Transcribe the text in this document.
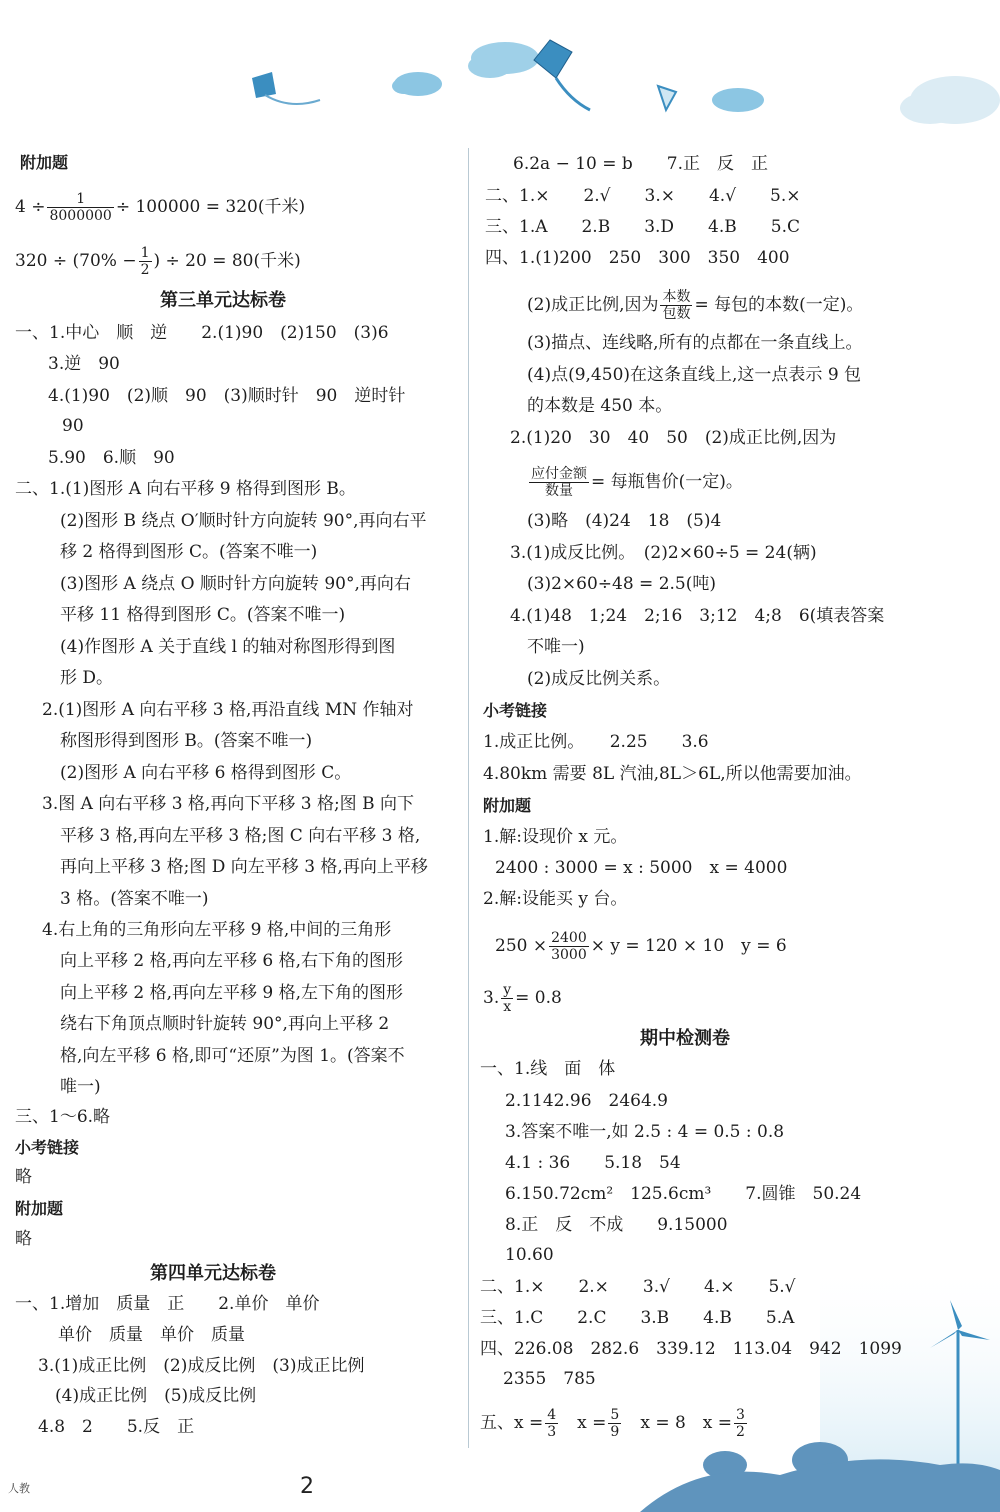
附加题
$4 \div \frac{1}{8000000} \div 100000 = 320$(千米)
$320 \div (70\% - \frac{1}{2}$ ) ÷ 20 = 80(千米)
第三单元达标卷
一、1.中心　顺　逆　　2.(1)90　(2)150　(3)6
3.逆　90
4.(1)90　(2)顺　90　(3)顺时针　90　逆时针
90
5.90　6.顺　90
二、1.(1)图形 A 向右平移 9 格得到图形 B。
(2)图形 B 绕点 O′顺时针方向旋转 90°,再向右平
移 2 格得到图形 C。(答案不唯一)
(3)图形 A 绕点 O 顺时针方向旋转 90°,再向右
平移 11 格得到图形 C。(答案不唯一)
(4)作图形 A 关于直线 l 的轴对称图形得到图
形 D。
2.(1)图形 A 向右平移 3 格,再沿直线 MN 作轴对
称图形得到图形 B。(答案不唯一)
(2)图形 A 向右平移 6 格得到图形 C。
3.图 A 向右平移 3 格,再向下平移 3 格;图 B 向下
平移 3 格,再向左平移 3 格;图 C 向右平移 3 格,
再向上平移 3 格;图 D 向左平移 3 格,再向上平移
3 格。(答案不唯一)
4.右上角的三角形向左平移 9 格,中间的三角形
向上平移 2 格,再向左平移 6 格,右下角的图形
向上平移 2 格,再向左平移 9 格,左下角的图形
绕右下角顶点顺时针旋转 90°,再向上平移 2
格,向左平移 6 格,即可“还原”为图 1。(答案不
唯一)
三、1～6.略
小考链接
略
附加题
略
第四单元达标卷
一、1.增加　质量　正　　2.单价　单价
单价　质量　单价　质量
3.(1)成正比例　(2)成反比例　(3)成正比例
(4)成正比例　(5)成反比例
4.8　2　　5.反　正
6.2a − 10 = b　　7.正　反　正
二、1.×　　2.√　　3.×　　4.√　　5.×
三、1.A　　2.B　　3.D　　4.B　　5.C
四、1.(1)200　250　300　350　400
(2)成正比例,因为 $\frac{\text{本数}}{\text{包数}}$ = 每包的本数(一定)。
(3)描点、连线略,所有的点都在一条直线上。
(4)点(9,450)在这条直线上,这一点表示 9 包
的本数是 450 本。
2.(1)20　30　40　50　(2)成正比例,因为
$\frac{\text{应付金额}}{\text{数量}}$ = 每瓶售价(一定)。
(3)略　(4)24　18　(5)4
3.(1)成反比例。　(2)2×60÷5 = 24(辆)
(3)2×60÷48 = 2.5(吨)
4.(1)48　1;24　2;16　3;12　4;8　6(填表答案
不唯一)
(2)成反比例关系。
小考链接
1.成正比例。　　2.25　　3.6
4.80km 需要 8L 汽油,8L＞6L,所以他需要加油。
附加题
1.解:设现价 x 元。
2400 : 3000 = x : 5000　x = 4000
2.解:设能买 y 台。
$250 \times \frac{2400}{3000} \times y = 120 \times 10$　y = 6
3. $\frac{y}{x} = 0.8$
期中检测卷
一、1.线　面　体
2.1142.96　2464.9
3.答案不唯一,如 2.5 : 4 = 0.5 : 0.8
4.1 : 36　　5.18　54
6.150.72cm²　125.6cm³　　7.圆锥　50.24
8.正　反　不成　　9.15000
10.60
二、1.×　　2.×　　3.√　　4.×　　5.√
三、1.C　　2.C　　3.B　　4.B　　5.A
四、226.08　282.6　339.12　113.04　942　1099
2355　785
五、$x = \frac{4}{3}$
　 $x = \frac{5}{9}$
　 x = 8　$x = \frac{3}{2}$
人教	2
